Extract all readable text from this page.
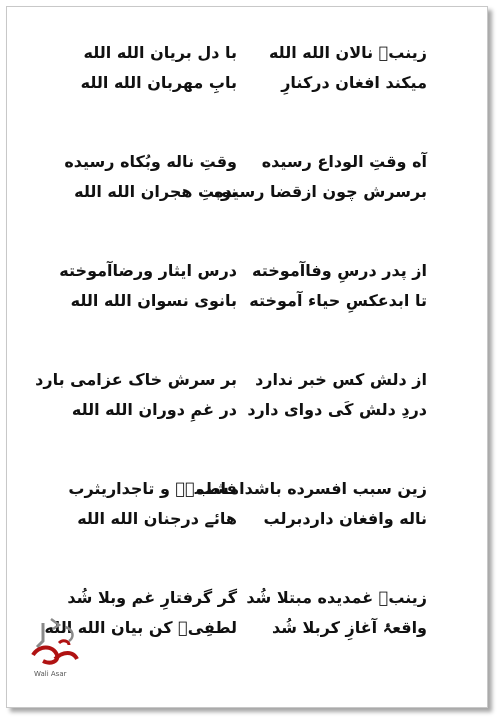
زینبؑ نالان الله الله
با دل بریان الله الله
میکند افغان درکنارِ
بابِ مهربان الله الله
آه وقتِ الوداع رسیده
وقتِ ناله وبُکاه رسیده
برسرش چون ازقضا رسیده
نوبتِ هجران الله الله
از پدر درسِ وفاآموخته
درس ایثار ورضاآموخته
تا ابدعکسِ حیاء آموخته
بانوی نسوان الله الله
از دلش کس خبر ندارد
بر سرش خاک عزامی بارد
دردِ دلش کَی دوای دارد
در غمِ دوران الله الله
زین سبب افسرده باشدامشب
فاطمہؑ و تاجداریثرب
ناله وافغان داردبرلب
هائے درجنان الله الله
زینبؑ غمدیده مبتلا شُد
گر گرفتارِ غم وبلا شُد
واقعۂ آغازِ کربلا شُد
لطفِیؔ کن بیان الله الله
Wali Asar
